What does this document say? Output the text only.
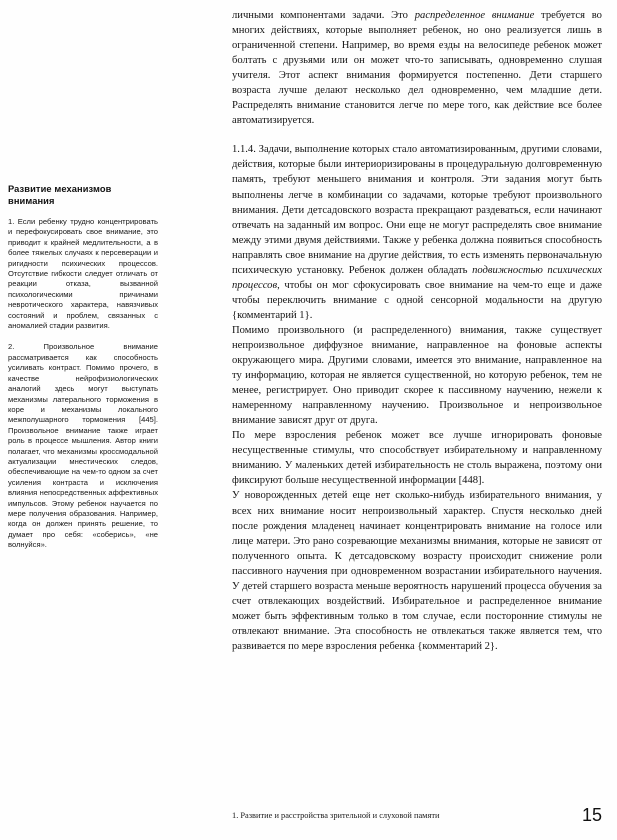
Развитие механизмов внимания

1. Если ребенку трудно концентрировать и перефокусировать свое внимание, это приводит к крайней медлительности, а в более тяжелых случаях к персеверации и ригидности психических процессов. Отсутствие гибкости следует отличать от реакции отказа, вызванной психологическими причинами невротического характера, навязчивых состояний и проблем, связанных с аномалией стадии развития.

2. Произвольное внимание рассматривается как способность усиливать контраст. Помимо прочего, в качестве нейрофизиологических аналогий здесь могут выступать механизмы латерального торможения в коре и механизмы локального межполушарного торможения [445]. Произвольное внимание также играет роль в процессе мышления. Автор книги полагает, что механизмы кроссмодальной актуализации мнестических следов, обеспечивающие на чем-то одном за счет усиления контраста и исключения влияния непосредственных аффективных импульсов. Этому ребенок научается по мере получения образования. Например, когда он должен принять решение, то думает про себя: «соберись», «не волнуйся».

личными компонентами задачи. Это распределенное внимание требуется во многих действиях, которые выполняет ребенок, но оно реализуется лишь в ограниченной степени. Например, во время езды на велосипеде ребенок может болтать с друзьями или он может что-то записывать, одновременно слушая учителя. Этот аспект внимания формируется постепенно. Дети старшего возраста лучше делают несколько дел одновременно, чем младшие дети. Распределять внимание становится легче по мере того, как действие все более автоматизируется.

1.1.4. Задачи, выполнение которых стало автоматизированным, другими словами, действия, которые были интериоризированы в процедуральную долговременную память, требуют меньшего внимания и контроля. Эти задания могут быть выполнены легче в комбинации со задачами, которые требуют произвольного внимания. Дети детсадовского возраста прекращают раздеваться, если начинают отвечать на заданный им вопрос. Они еще не могут распределять свое внимание между этими двумя действиями. Также у ребенка должна появиться способность направлять свое внимание на другие действия, то есть изменять первоначальную психическую установку. Ребенок должен обладать подвижностью психических процессов, чтобы он мог сфокусировать свое внимание на чем-то еще и даже чтобы переключить внимание с одной сенсорной модальности на другую {комментарий 1}.

Помимо произвольного (и распределенного) внимания, также существует непроизвольное диффузное внимание, направленное на фоновые аспекты окружающего мира. Другими словами, имеется это внимание, направленное на ту информацию, которая не является существенной, но которую ребенок, тем не менее, регистрирует. Оно приводит скорее к пассивному научению, нежели к намеренному направленному научению. Произвольное и непроизвольное внимание зависят друг от друга.

По мере взросления ребенок может все лучше игнорировать фоновые несущественные стимулы, что способствует избирательному и направленному вниманию. У маленьких детей избирательность не столь выражена, поэтому они фиксируют больше несущественной информации [448].

У новорожденных детей еще нет сколько-нибудь избирательного внимания, у всех них внимание носит непроизвольный характер. Спустя несколько дней после рождения младенец начинает концентрировать внимание на голосе или лице матери. Это рано созревающие механизмы внимания, которые не зависят от полученного опыта. К детсадовскому возрасту происходит снижение роли пассивного научения при одновременном возрастании избирательного научения. У детей старшего возраста меньше вероятность нарушений процесса обучения за счет отвлекающих воздействий. Избирательное и распределенное внимание может быть эффективным только в том случае, если посторонние стимулы не отвлекают внимание. Эта способность не отвлекаться также является тем, что развивается по мере взросления ребенка {комментарий 2}.

1. Развитие и расстройства зрительной и слуховой памяти	15
